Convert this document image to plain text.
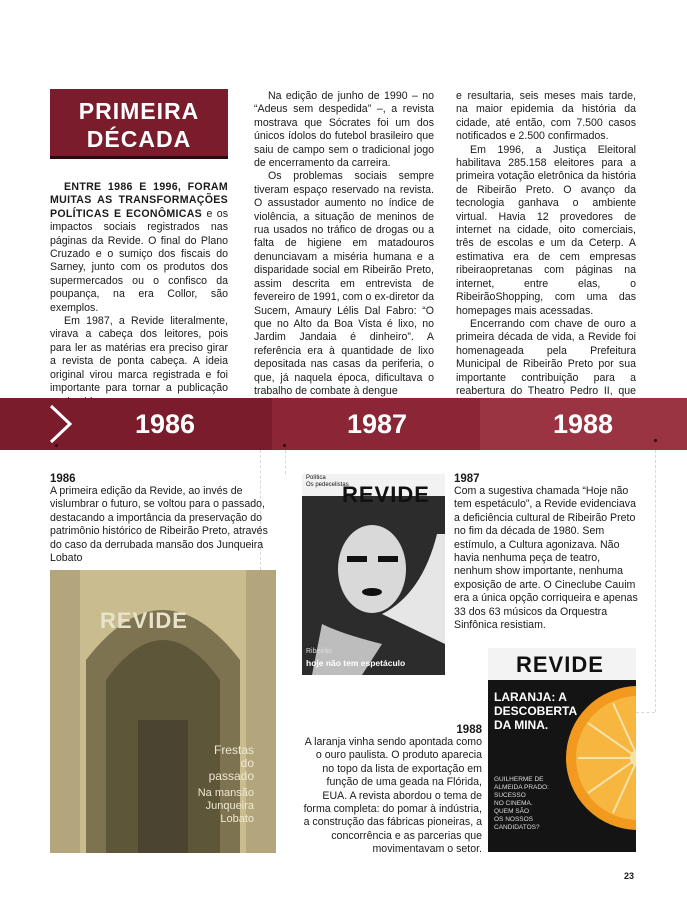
PRIMEIRA
DÉCADA

ENTRE 1986 E 1996, FORAM MUITAS AS TRANSFORMAÇÕES POLÍTICAS E ECONÔMICAS e os impactos sociais registrados nas páginas da Revide. O final do Plano Cruzado e o sumiço dos fiscais do Sarney, junto com os produtos dos supermercados ou o confisco da poupança, na era Collor, são exemplos.

Em 1987, a Revide literalmente, virava a cabeça dos leitores, pois para ler as matérias era preciso girar a revista de ponta cabeça. A ideia original virou marca registrada e foi importante para tornar a publicação

Na edição de junho de 1990 – no “Adeus sem despedida” –, a revista mostrava que Sócrates foi um dos únicos ídolos do futebol brasileiro que saiu de campo sem o tradicional jogo de encerramento da carreira.

Os problemas sociais sempre tiveram espaço reservado na revista. O assustador aumento no índice de violência, a situação de meninos de rua usados no tráfico de drogas ou a falta de higiene em matadouros denunciavam a miséria humana e a disparidade social em Ribeirão Preto, assim descrita em entrevista de fevereiro de 1991, com o ex-diretor da Sucem, Amaury Lélis Dal Fabro: “O que no Alto da Boa Vista é lixo, no Jardim Jandaia é dinheiro”. A referência era à quantidade de lixo depositada nas casas da periferia, o que, já naquela época, dificultava o trabalho de combate à dengue

e resultaria, seis meses mais tarde, na maior epidemia da história da cidade, até então, com 7.500 casos notificados e 2.500 confirmados.

Em 1996, a Justiça Eleitoral habilitava 285.158 eleitores para a primeira votação eletrônica da história de Ribeirão Preto. O avanço da tecnologia ganhava o ambiente virtual. Havia 12 provedores de internet na cidade, oito comerciais, três de escolas e um da Ceterp. A estimativa era de cem empresas ribeiraopretanas com páginas na internet, entre elas, o RibeirãoShopping, com uma das homepages mais acessadas.

Encerrando com chave de ouro a primeira década de vida, a Revide foi homenageada pela Prefeitura Municipal de Ribeirão Preto por sua importante contribuição para a reabertura do Theatro Pedro II, que

1986	1987	1988
1986
A primeira edição da Revide, ao invés de vislumbrar o futuro, se voltou para o passado, destacando a importância da preservação do patrimônio histórico de Ribeirão Preto, através do caso da derrubada mansão dos Junqueira Lobato
1987
Com a sugestiva chamada “Hoje não tem espetáculo”, a Revide evidenciava a deficiência cultural de Ribeirão Preto no fim da década de 1980. Sem estímulo, a Cultura agonizava. Não havia nenhuma peça de teatro, nenhum show importante, nenhuma exposição de arte. O Cineclube Cauim era a única opção corriqueira e apenas 33 dos 63 músicos da Orquestra Sinfônica resistiam.
1988
A laranja vinha sendo apontada como o ouro paulista. O produto aparecia no topo da lista de exportação em função de uma geada na Flórida, EUA. A revista abordou o tema de forma completa: do pomar à indústria, a construção das fábricas pioneiras, a concorrência e as parcerias que movimentavam o setor.
REVIDE
Frestas
do
passado
Na mansão
Junqueira
Lobato
Política
Os pedecelistas
REVIDE
Ribeirão
hoje não tem espetáculo	REVIDE
LARANJA: A
DESCOBERTA
DA MINA.
GUILHERME DE
ALMEIDA PRADO:
SUCESSO
NO CINEMA.
QUEM SÃO
OS NOSSOS
CANDIDATOS?
23
